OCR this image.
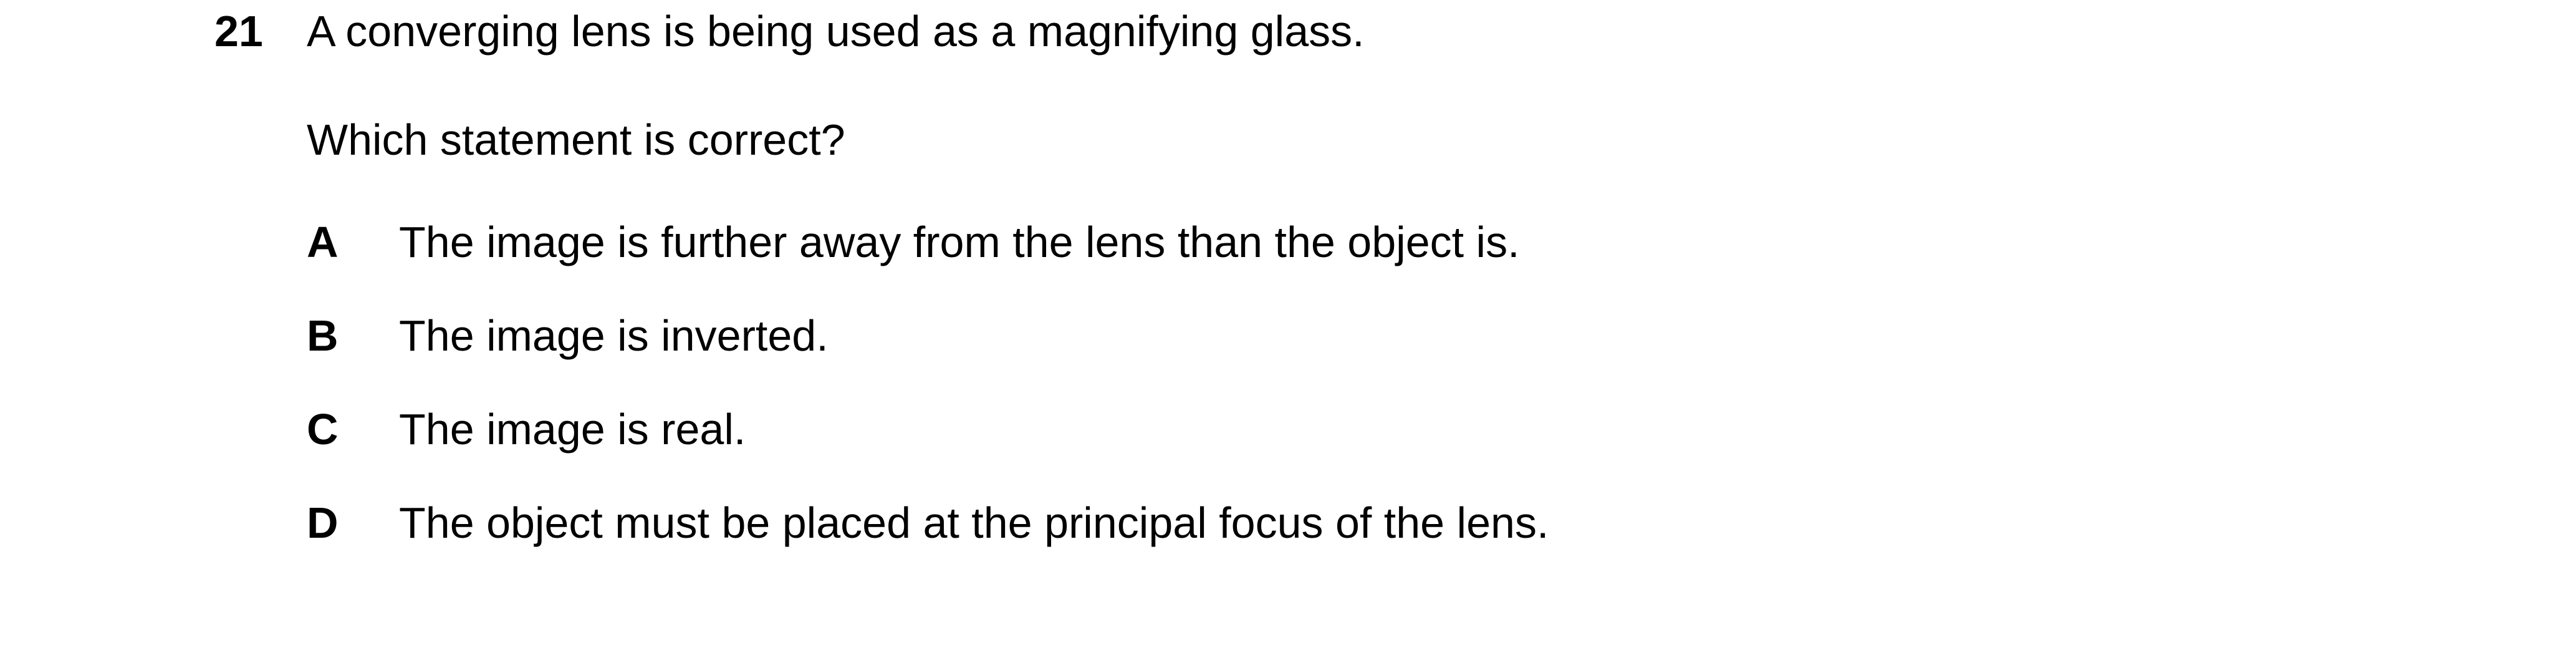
21 A converging lens is being used as a magnifying glass.
Which statement is correct?
A The image is further away from the lens than the object is.
B The image is inverted.
C The image is real.
D The object must be placed at the principal focus of the lens.
